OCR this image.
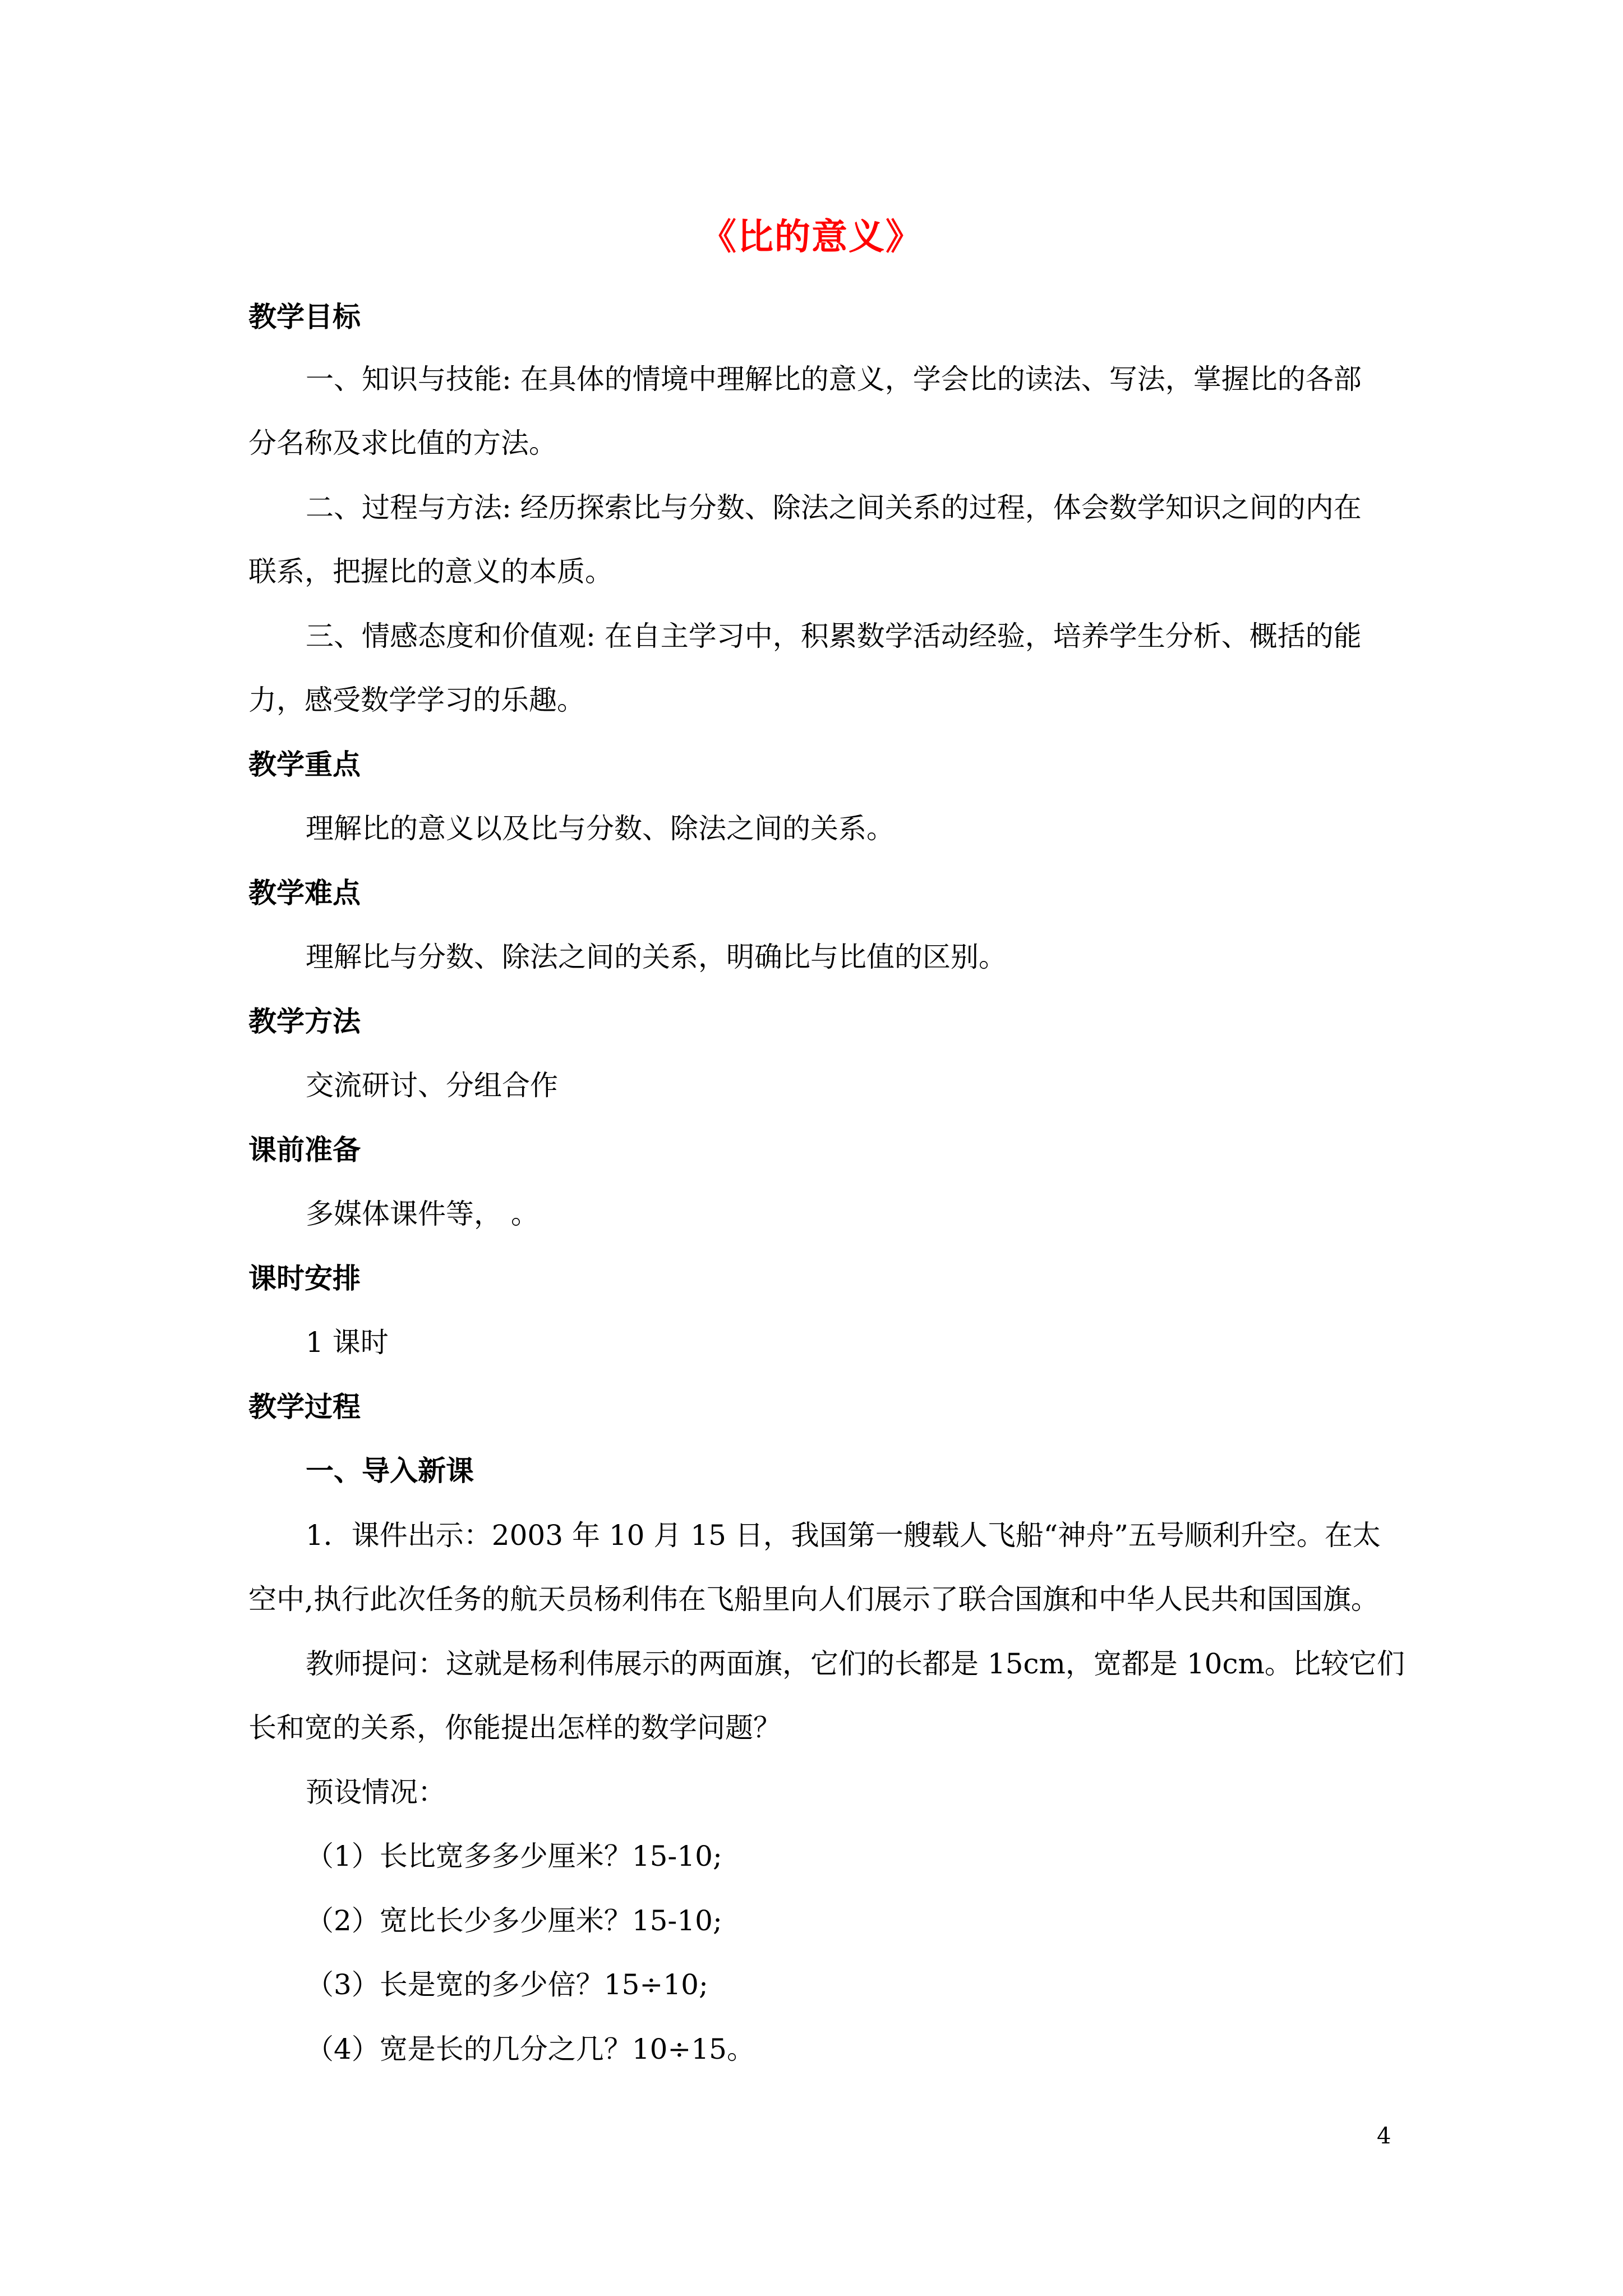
《比的意义》
教学目标
一、知识与技能: 在具体的情境中理解比的意义，学会比的读法、写法，掌握比的各部
分名称及求比值的方法。
二、过程与方法: 经历探索比与分数、除法之间关系的过程，体会数学知识之间的内在
联系，把握比的意义的本质。
三、情感态度和价值观: 在自主学习中，积累数学活动经验，培养学生分析、概括的能
力，感受数学学习的乐趣。
教学重点
理解比的意义以及比与分数、除法之间的关系。
教学难点
理解比与分数、除法之间的关系，明确比与比值的区别。
教学方法
交流研讨、分组合作
课前准备
多媒体课件等， 。
课时安排
1 课时
教学过程
一、导入新课
1．课件出示：2003 年 10 月 15 日，我国第一艘载人飞船“神舟”五号顺利升空。在太
空中,执行此次任务的航天员杨利伟在飞船里向人们展示了联合国旗和中华人民共和国国旗。
教师提问：这就是杨利伟展示的两面旗，它们的长都是 15cm，宽都是 10cm。比较它们
长和宽的关系，你能提出怎样的数学问题？
预设情况：
（1）长比宽多多少厘米？15-10;
（2）宽比长少多少厘米？15-10;
（3）长是宽的多少倍？15÷10;
（4）宽是长的几分之几？10÷15。
4
